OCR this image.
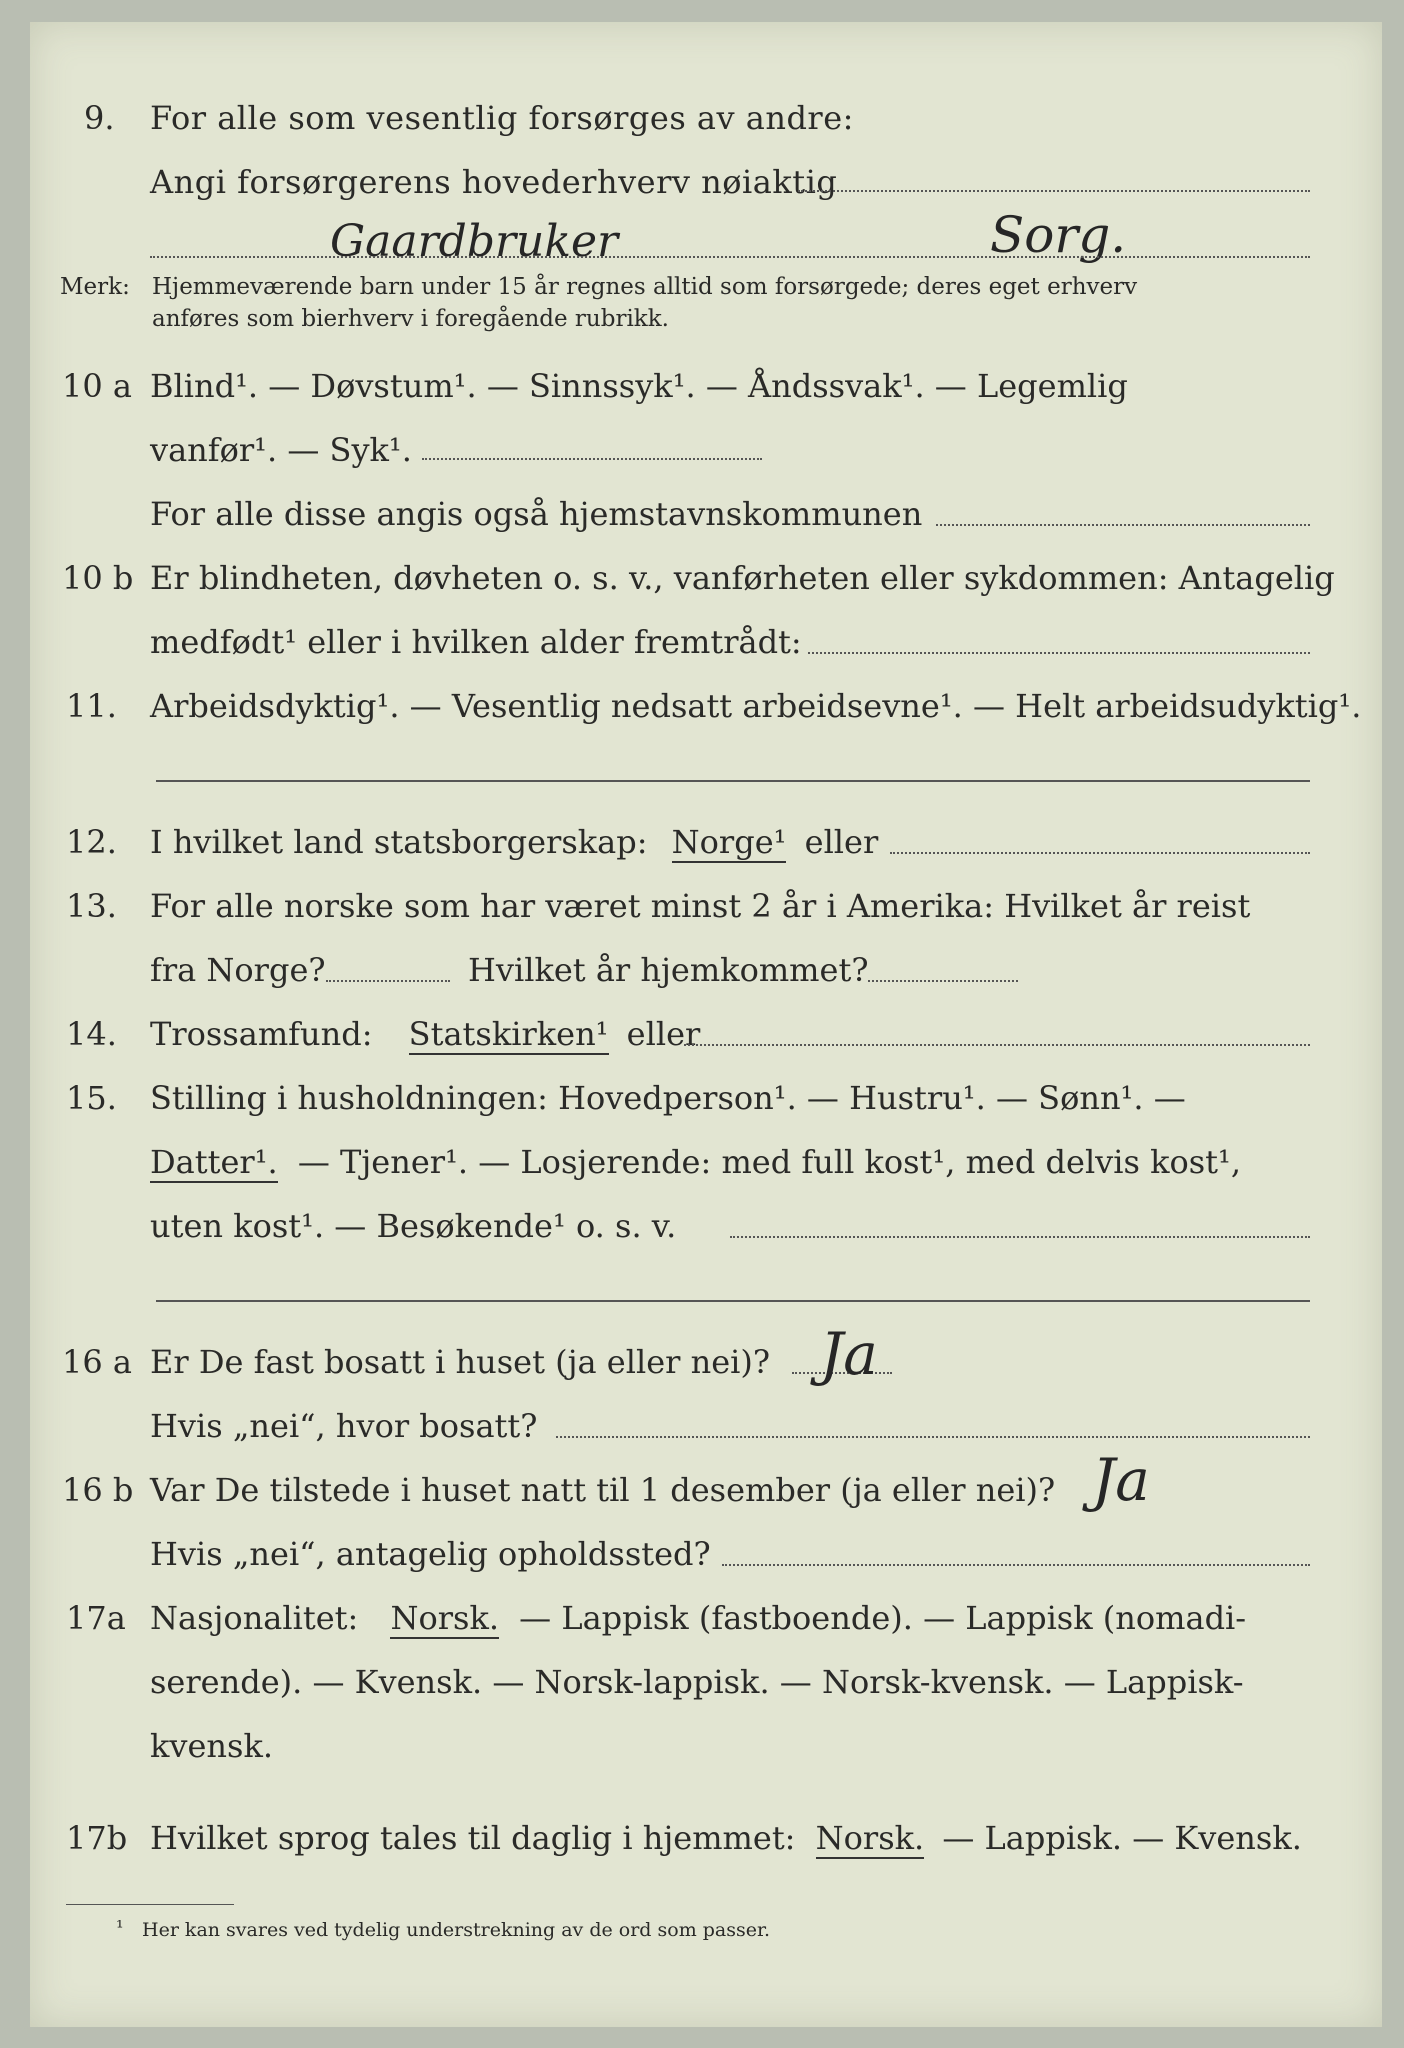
9. For alle som vesentlig forsørges av andre:
Angi forsørgerens hovederhverv nøiaktig
Gaardbruker	Sorg.
Merk: Hjemmeværende barn under 15 år regnes alltid som forsørgede; deres eget erhverv
anføres som bierhverv i foregående rubrikk.
10 a Blind¹. — Døvstum¹. — Sinnssyk¹. — Åndssvak¹. — Legemlig
vanfør¹. — Syk¹.
For alle disse angis også hjemstavnskommunen
10 b Er blindheten, døvheten o. s. v., vanførheten eller sykdommen: Antagelig
medfødt¹ eller i hvilken alder fremtrådt:
11. Arbeidsdyktig¹. — Vesentlig nedsatt arbeidsevne¹. — Helt arbeidsudyktig¹.
12. I hvilket land statsborgerskap: Norge¹ eller
13. For alle norske som har været minst 2 år i Amerika: Hvilket år reist
fra Norge?	Hvilket år hjemkommet?
14. Trossamfund: Statskirken¹ eller
15. Stilling i husholdningen: Hovedperson¹. — Hustru¹. — Sønn¹. —
Datter¹. — Tjener¹. — Losjerende: med full kost¹, med delvis kost¹,
uten kost¹. — Besøkende¹ o. s. v.
16 a Er De fast bosatt i huset (ja eller nei)? Ja
Hvis „nei“, hvor bosatt?
16 b Var De tilstede i huset natt til 1 desember (ja eller nei)? Ja
Hvis „nei“, antagelig opholdssted?
17a Nasjonalitet: Norsk. — Lappisk (fastboende). — Lappisk (nomadi-
serende). — Kvensk. — Norsk-lappisk. — Norsk-kvensk. — Lappisk-
kvensk.
17b Hvilket sprog tales til daglig i hjemmet: Norsk. — Lappisk. — Kvensk.
¹ Her kan svares ved tydelig understrekning av de ord som passer.
